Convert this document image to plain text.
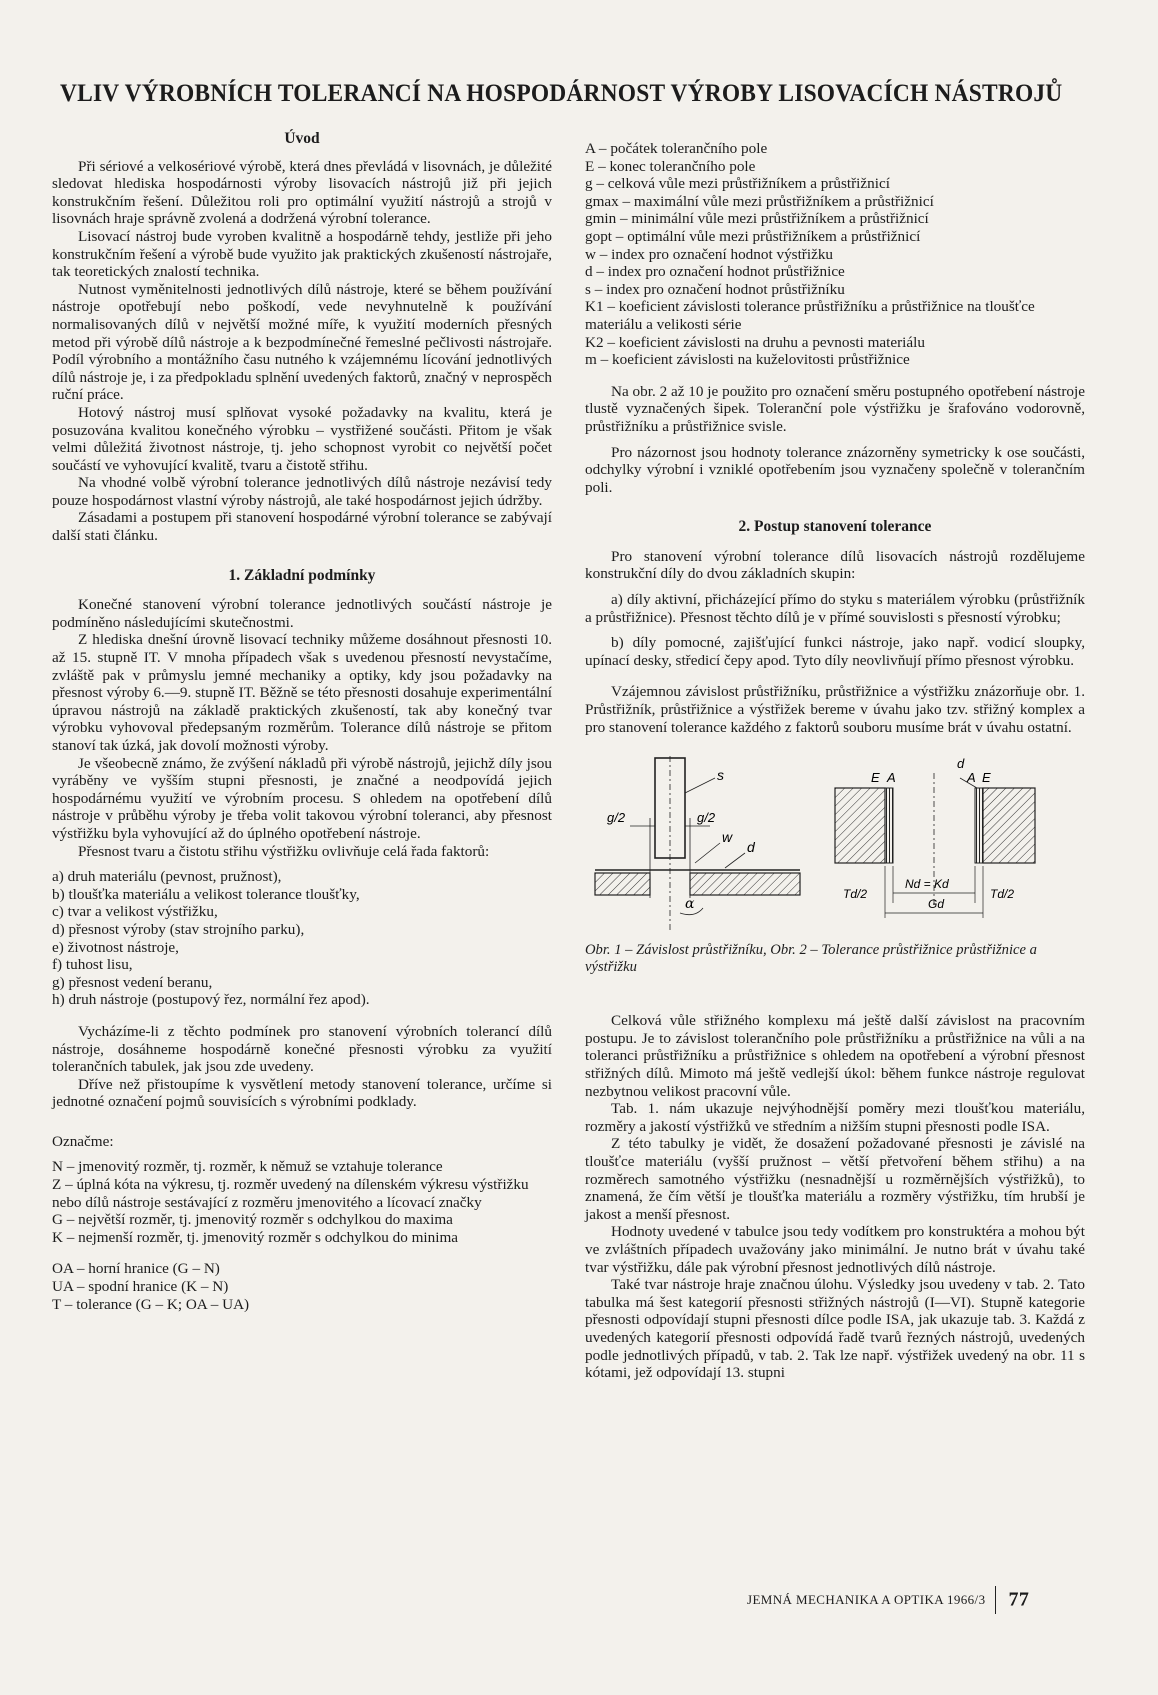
VLIV VÝROBNÍCH TOLERANCÍ NA HOSPODÁRNOST VÝROBY LISOVACÍCH NÁSTROJŮ
Úvod

Při sériové a velkosériové výrobě, která dnes převládá v lisovnách, je důležité sledovat hlediska hospodárnosti výroby lisovacích nástrojů již při jejich konstrukčním řešení. Důležitou roli pro optimální využití nástrojů a strojů v lisovnách hraje správně zvolená a dodržená výrobní tolerance.

Lisovací nástroj bude vyroben kvalitně a hospodárně tehdy, jestliže při jeho konstrukčním řešení a výrobě bude využito jak praktických zkušeností nástrojaře, tak teoretických znalostí technika.

Nutnost vyměnitelnosti jednotlivých dílů nástroje, které se během používání nástroje opotřebují nebo poškodí, vede nevyhnutelně k používání normalisovaných dílů v největší možné míře, k využití moderních přesných metod při výrobě dílů nástroje a k bezpodmínečné řemeslné pečlivosti nástrojaře. Podíl výrobního a montážního času nutného k vzájemnému lícování jednotlivých dílů nástroje je, i za předpokladu splnění uvedených faktorů, značný v neprospěch ruční práce.

Hotový nástroj musí splňovat vysoké požadavky na kvalitu, která je posuzována kvalitou konečného výrobku – vystřižené součásti. Přitom je však velmi důležitá životnost nástroje, tj. jeho schopnost vyrobit co největší počet součástí ve vyhovující kvalitě, tvaru a čistotě střihu.

Na vhodné volbě výrobní tolerance jednotlivých dílů nástroje nezávisí tedy pouze hospodárnost vlastní výroby nástrojů, ale také hospodárnost jejich údržby.

Zásadami a postupem při stanovení hospodárné výrobní tolerance se zabývají další stati článku.

1. Základní podmínky

Konečné stanovení výrobní tolerance jednotlivých součástí nástroje je podmíněno následujícími skutečnostmi.

Z hlediska dnešní úrovně lisovací techniky můžeme dosáhnout přesnosti 10. až 15. stupně IT. V mnoha případech však s uvedenou přesností nevystačíme, zvláště pak v průmyslu jemné mechaniky a optiky, kdy jsou požadavky na přesnost výroby 6.—9. stupně IT. Běžně se této přesnosti dosahuje experimentální úpravou nástrojů na základě praktických zkušeností, tak aby konečný tvar výrobku vyhovoval předepsaným rozměrům. Tolerance dílů nástroje se přitom stanoví tak úzká, jak dovolí možnosti výroby.

Je všeobecně známo, že zvýšení nákladů při výrobě nástrojů, jejichž díly jsou vyráběny ve vyšším stupni přesnosti, je značné a neodpovídá jejich hospodárnému využití ve výrobním procesu. S ohledem na opotřebení dílů nástroje v průběhu výroby je třeba volit takovou výrobní toleranci, aby přesnost výstřižku byla vyhovující až do úplného opotřebení nástroje.

Přesnost tvaru a čistotu střihu výstřižku ovlivňuje celá řada faktorů:

a) druh materiálu (pevnost, pružnost),
b) tloušťka materiálu a velikost tolerance tloušťky,
c) tvar a velikost výstřižku,
d) přesnost výroby (stav strojního parku),
e) životnost nástroje,
f) tuhost lisu,
g) přesnost vedení beranu,
h) druh nástroje (postupový řez, normální řez apod).

Vycházíme-li z těchto podmínek pro stanovení výrobních tolerancí dílů nástroje, dosáhneme hospodárně konečné přesnosti výrobku za využití tolerančních tabulek, jak jsou zde uvedeny.

Dříve než přistoupíme k vysvětlení metody stanovení tolerance, určíme si jednotné označení pojmů souvisících s výrobními podklady.

Označme:

N – jmenovitý rozměr, tj. rozměr, k němuž se vztahuje tolerance
Z – úplná kóta na výkresu, tj. rozměr uvedený na dílenském výkresu výstřižku nebo dílů nástroje sestávající z rozměru jmenovitého a lícovací značky
G – největší rozměr, tj. jmenovitý rozměr s odchylkou do maxima
K – nejmenší rozměr, tj. jmenovitý rozměr s odchylkou do minima
OA – horní hranice (G – N)
UA – spodní hranice (K – N)
T – tolerance (G – K; OA – UA)
A – počátek tolerančního pole
E – konec tolerančního pole
g – celková vůle mezi průstřižníkem a průstřižnicí
gmax – maximální vůle mezi průstřižníkem a průstřižnicí
gmin – minimální vůle mezi průstřižníkem a průstřižnicí
gopt – optimální vůle mezi průstřižníkem a průstřižnicí
w – index pro označení hodnot výstřižku
d – index pro označení hodnot průstřižnice
s – index pro označení hodnot průstřižníku
K1 – koeficient závislosti tolerance průstřižníku a průstřižnice na tloušťce materiálu a velikosti série
K2 – koeficient závislosti na druhu a pevnosti materiálu
m – koeficient závislosti na kuželovitosti průstřižnice

Na obr. 2 až 10 je použito pro označení směru postupného opotřebení nástroje tlustě vyznačených šipek. Toleranční pole výstřižku je šrafováno vodorovně, průstřižníku a průstřižnice svisle.

Pro názornost jsou hodnoty tolerance znázorněny symetricky k ose součásti, odchylky výrobní i vzniklé opotřebením jsou vyznačeny společně v tolerančním poli.

2. Postup stanovení tolerance

Pro stanovení výrobní tolerance dílů lisovacích nástrojů rozdělujeme konstrukční díly do dvou základních skupin:

a) díly aktivní, přicházející přímo do styku s materiálem výrobku (průstřižník a průstřižnice). Přesnost těchto dílů je v přímé souvislosti s přesností výrobku;

b) díly pomocné, zajišťující funkci nástroje, jako např. vodicí sloupky, upínací desky, středicí čepy apod. Tyto díly neovlivňují přímo přesnost výrobku.

Vzájemnou závislost průstřižníku, průstřižnice a výstřižku znázorňuje obr. 1. Průstřižník, průstřižnice a výstřižek bereme v úvahu jako tzv. střižný komplex a pro stanovení tolerance každého z faktorů souboru musíme brát v úvahu ostatní.

s
g/2	g/2
w
d
α
E A	A E
d
Td/2
Nd = Kd
Td/2
Gd
Obr. 1 – Závislost průstřižníku, Obr. 2 – Tolerance průstřižnice průstřižnice a výstřižku

Celková vůle střižného komplexu má ještě další závislost na pracovním postupu. Je to závislost tolerančního pole průstřižníku a průstřižnice na vůli a na toleranci průstřižníku a průstřižnice s ohledem na opotřebení a výrobní přesnost střižných dílů. Mimoto má ještě vedlejší úkol: během funkce nástroje regulovat nezbytnou velikost pracovní vůle.

Tab. 1. nám ukazuje nejvýhodnější poměry mezi tloušťkou materiálu, rozměry a jakostí výstřižků ve středním a nižším stupni přesnosti podle ISA.

Z této tabulky je vidět, že dosažení požadované přesnosti je závislé na tloušťce materiálu (vyšší pružnost – větší přetvoření během střihu) a na rozměrech samotného výstřižku (nesnadnější u rozměrnějších výstřižků), to znamená, že čím větší je tloušťka materiálu a rozměry výstřižku, tím hrubší je jakost a menší přesnost.

Hodnoty uvedené v tabulce jsou tedy vodítkem pro konstruktéra a mohou být ve zvláštních případech uvažovány jako minimální. Je nutno brát v úvahu také tvar výstřižku, dále pak výrobní přesnost jednotlivých dílů nástroje.

Také tvar nástroje hraje značnou úlohu. Výsledky jsou uvedeny v tab. 2. Tato tabulka má šest kategorií přesnosti střižných nástrojů (I—VI). Stupně kategorie přesnosti odpovídají stupni přesnosti dílce podle ISA, jak ukazuje tab. 3. Každá z uvedených kategorií přesnosti odpovídá řadě tvarů řezných nástrojů, uvedených podle jednotlivých případů, v tab. 2. Tak lze např. výstřižek uvedený na obr. 11 s kótami, jež odpovídají 13. stupni

JEMNÁ MECHANIKA A OPTIKA 1966/3 77
